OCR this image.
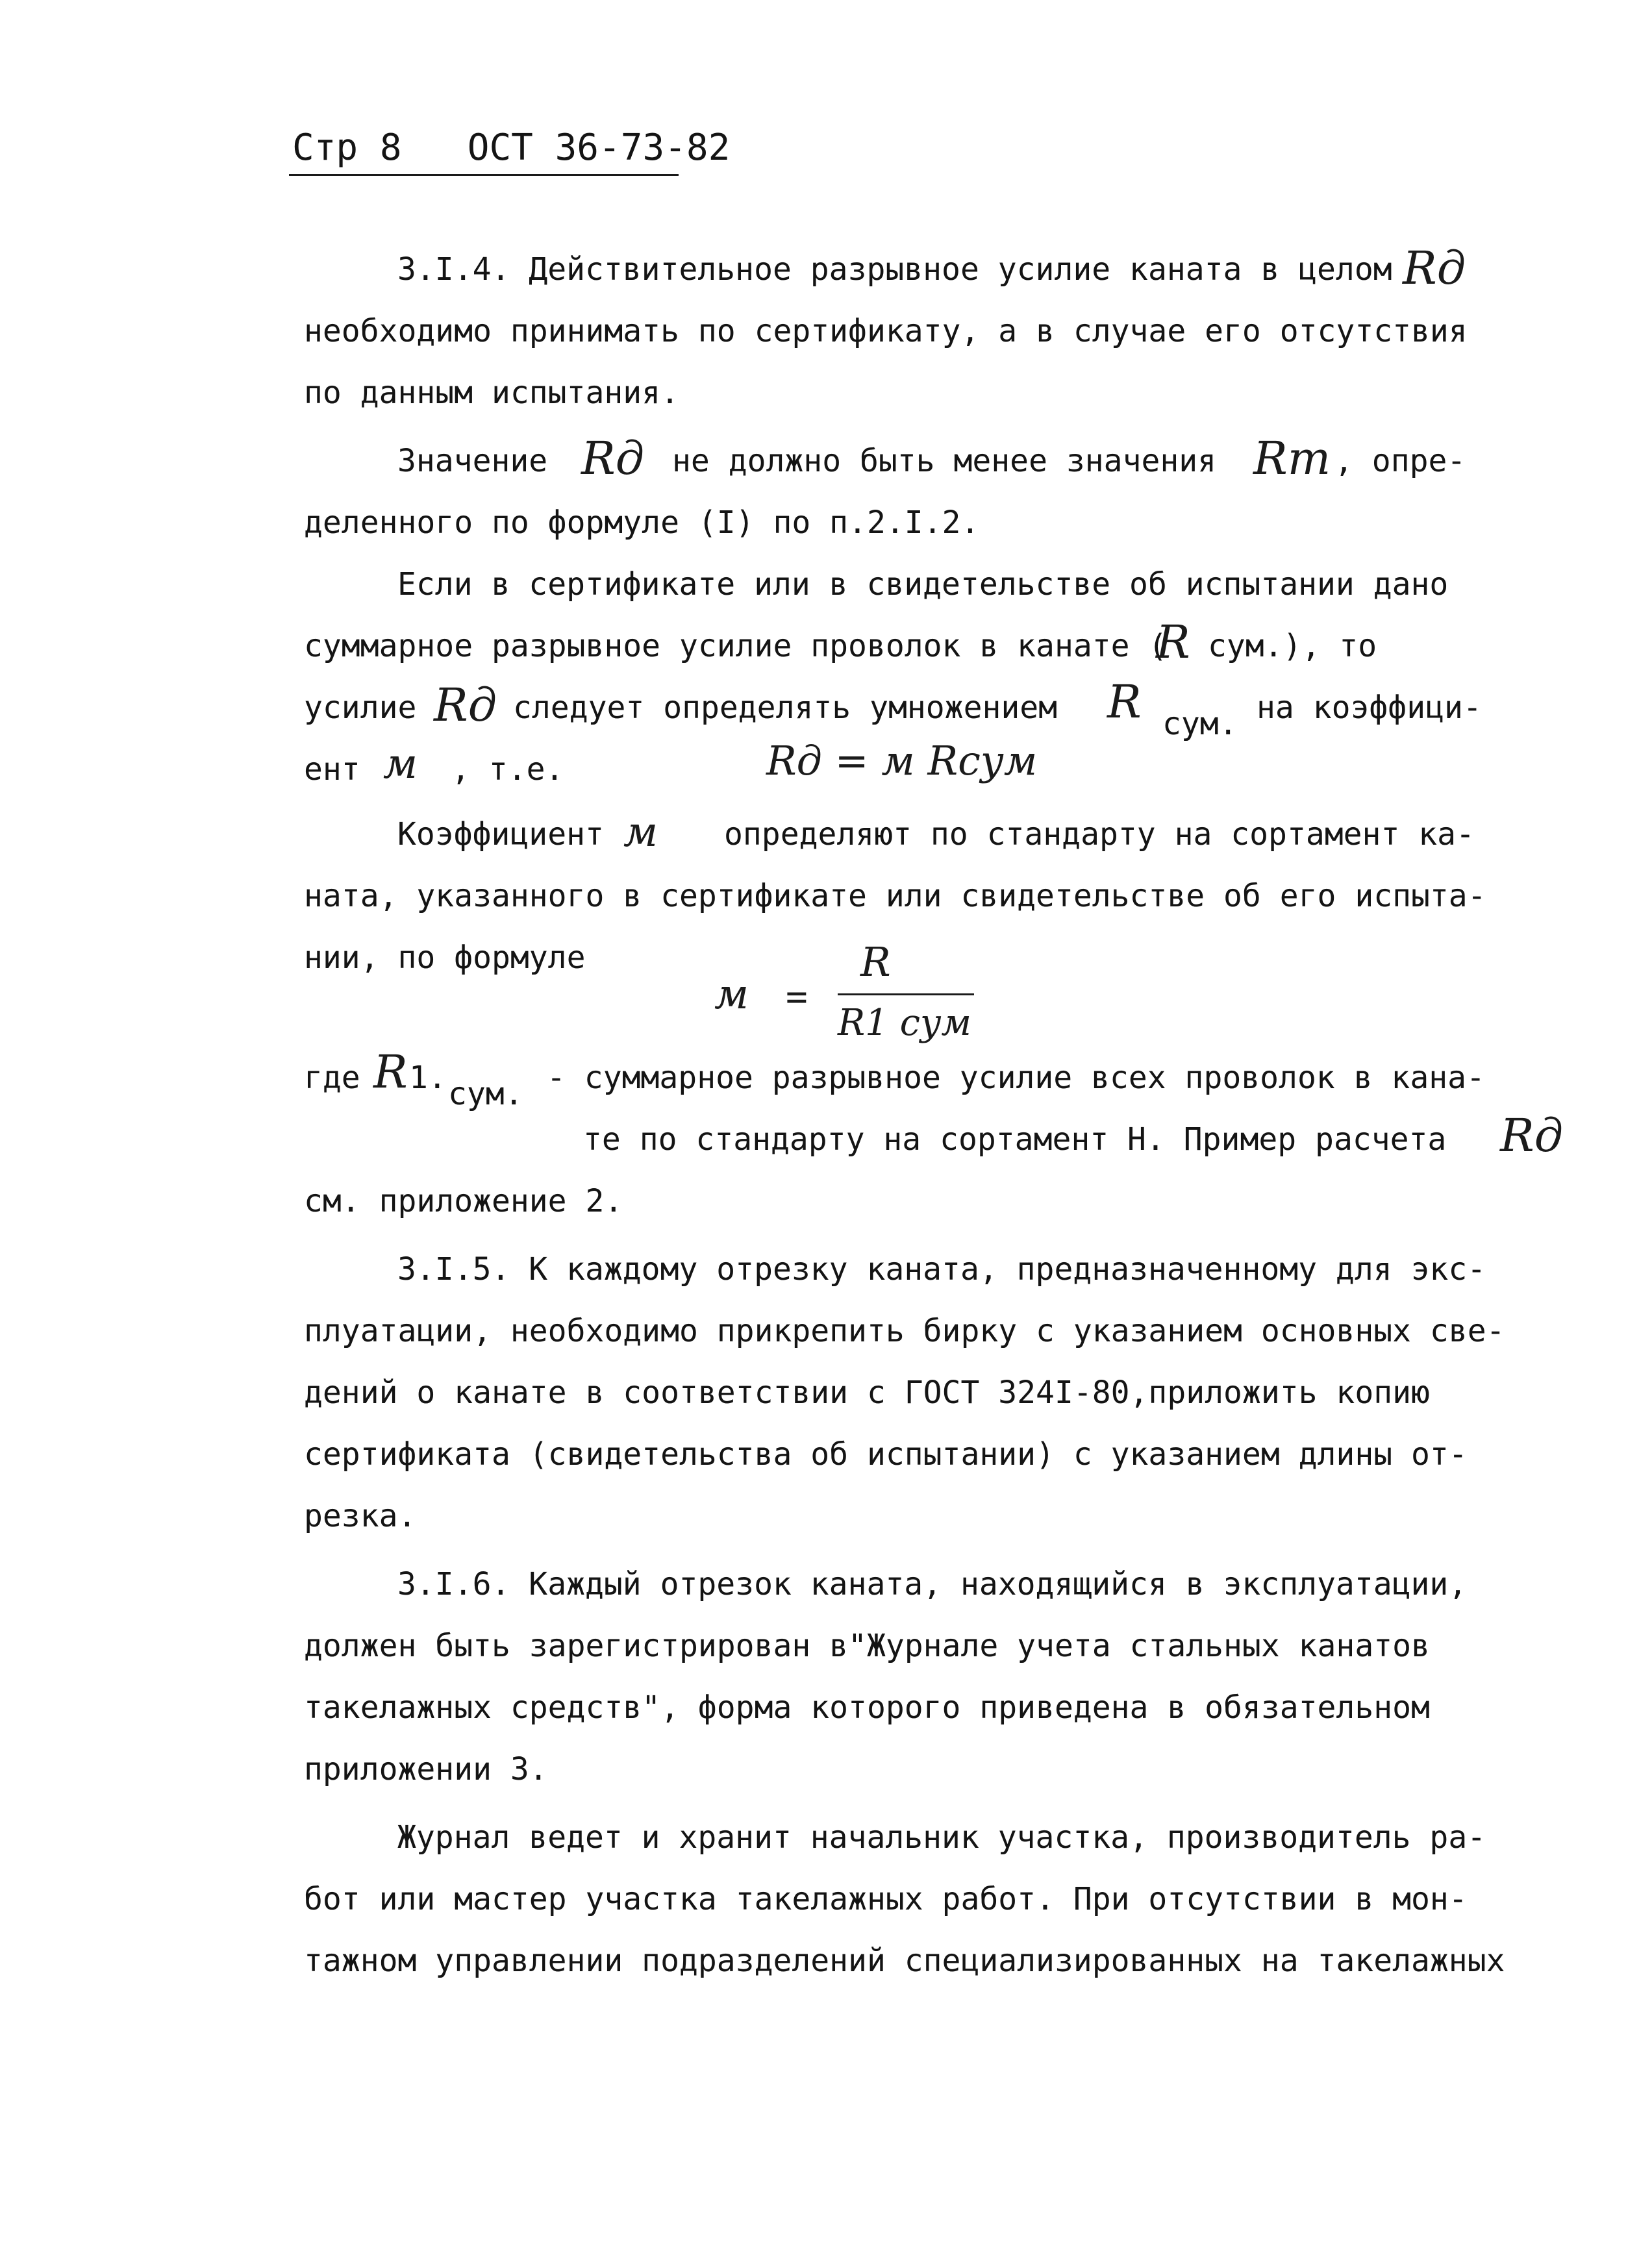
Стр 8 ОСТ 36-73-82
3.I.4. Действительное разрывное усилие каната в целом Rд
необходимо принимать по сертификату, а в случае его отсутствия
по данным испытания.
Значение Rд не должно быть менее значения Rт , опре-
деленного по формуле (I) по п.2.I.2.
Если в сертификате или в свидетельстве об испытании дано
суммарное разрывное усилие проволок в канате (
R сум.), то
усилие Rд следует определять умножением R сум. на коэффици-
ент м , т.е.	Rд = м Rсум
Коэффициент м определяют по стандарту на сортамент ка-
ната, указанного в сертификате или свидетельстве об его испыта-
нии, по формуле
м =
R
R1 сум
где R 1. сум. - суммарное разрывное усилие всех проволок в кана-
те по стандарту на сортамент Н. Пример расчета Rд
см. приложение 2.
3.I.5. К каждому отрезку каната, предназначенному для экс-
плуатации, необходимо прикрепить бирку с указанием основных све-
дений о канате в соответствии с ГОСТ 324I-80,приложить копию
сертификата (свидетельства об испытании) с указанием длины от-
резка.
3.I.6. Каждый отрезок каната, находящийся в эксплуатации,
должен быть зарегистрирован в"Журнале учета стальных канатов
такелажных средств", форма которого приведена в обязательном
приложении 3.
Журнал ведет и хранит начальник участка, производитель ра-
бот или мастер участка такелажных работ. При отсутствии в мон-
тажном управлении подразделений специализированных на такелажных
